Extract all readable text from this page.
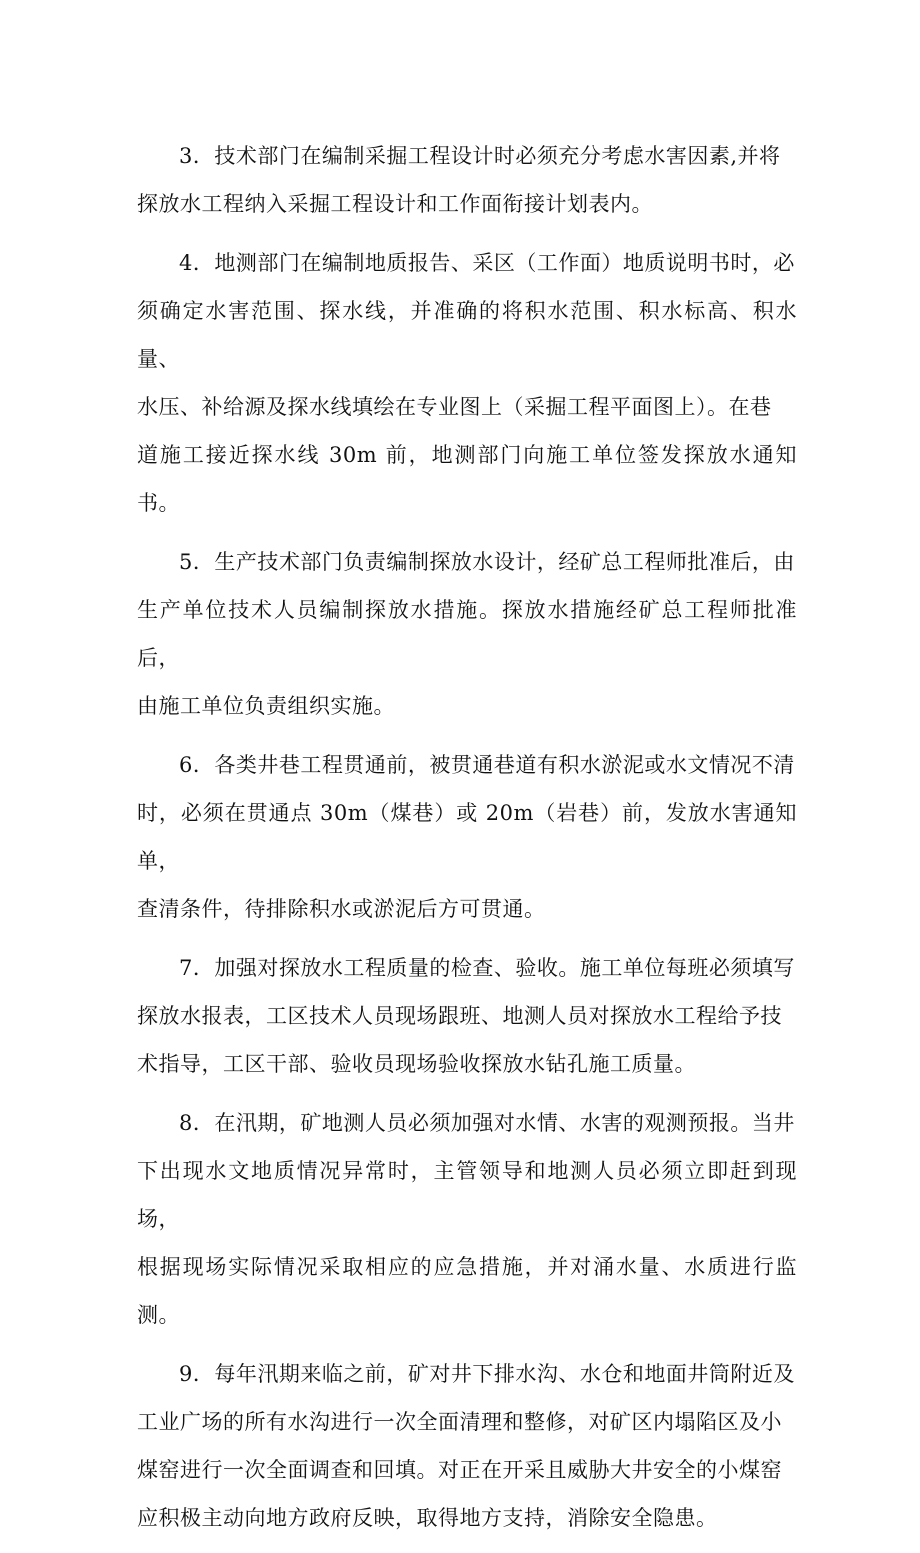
3．技术部门在编制采掘工程设计时必须充分考虑水害因素,并将
探放水工程纳入采掘工程设计和工作面衔接计划表内。

4．地测部门在编制地质报告、采区（工作面）地质说明书时，必
须确定水害范围、探水线，并准确的将积水范围、积水标高、积水量、
水压、补给源及探水线填绘在专业图上（采掘工程平面图上）。在巷
道施工接近探水线 30m 前，地测部门向施工单位签发探放水通知书。

5．生产技术部门负责编制探放水设计，经矿总工程师批准后，由
生产单位技术人员编制探放水措施。探放水措施经矿总工程师批准后，
由施工单位负责组织实施。

6．各类井巷工程贯通前，被贯通巷道有积水淤泥或水文情况不清
时，必须在贯通点 30m（煤巷）或 20m（岩巷）前，发放水害通知单，
查清条件，待排除积水或淤泥后方可贯通。

7．加强对探放水工程质量的检查、验收。施工单位每班必须填写
探放水报表，工区技术人员现场跟班、地测人员对探放水工程给予技
术指导，工区干部、验收员现场验收探放水钻孔施工质量。

8．在汛期，矿地测人员必须加强对水情、水害的观测预报。当井
下出现水文地质情况异常时，主管领导和地测人员必须立即赶到现场，
根据现场实际情况采取相应的应急措施，并对涌水量、水质进行监测。

9．每年汛期来临之前，矿对井下排水沟、水仓和地面井筒附近及
工业广场的所有水沟进行一次全面清理和整修，对矿区内塌陷区及小
煤窑进行一次全面调查和回填。对正在开采且威胁大井安全的小煤窑
应积极主动向地方政府反映，取得地方支持，消除安全隐患。
